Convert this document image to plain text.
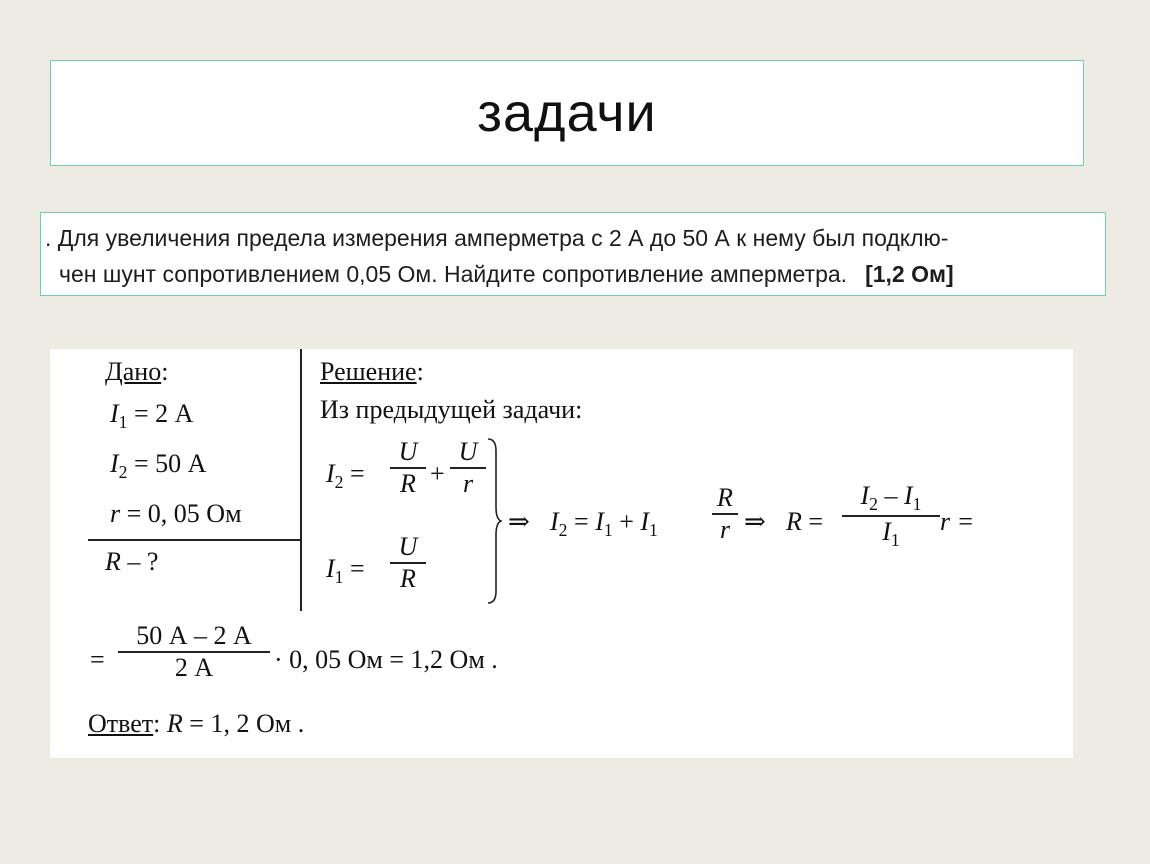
задачи
. Для увеличения предела измерения амперметра с 2 А до 50 А к нему был подклю-
чен шунт сопротивлением 0,05 Ом. Найдите сопротивление амперметра. [1,2 Ом]
Дано:
$I_1 = 2$ А
$I_2 = 50$ А
r = 0, 05 Ом
R – ?
Решение:
Из предыдущей задачи:
$I_2$ =
U
R +
U
r
$I_1$ =
U
R
⇒ $I_2 = I_1 + I_1$
R
r ⇒ R =
$I_2 - I_1$
$I_1$
r =
=
50 А – 2 А
2 А	· 0, 05 Ом = 1,2 Ом .
Ответ: R = 1, 2 Ом .
